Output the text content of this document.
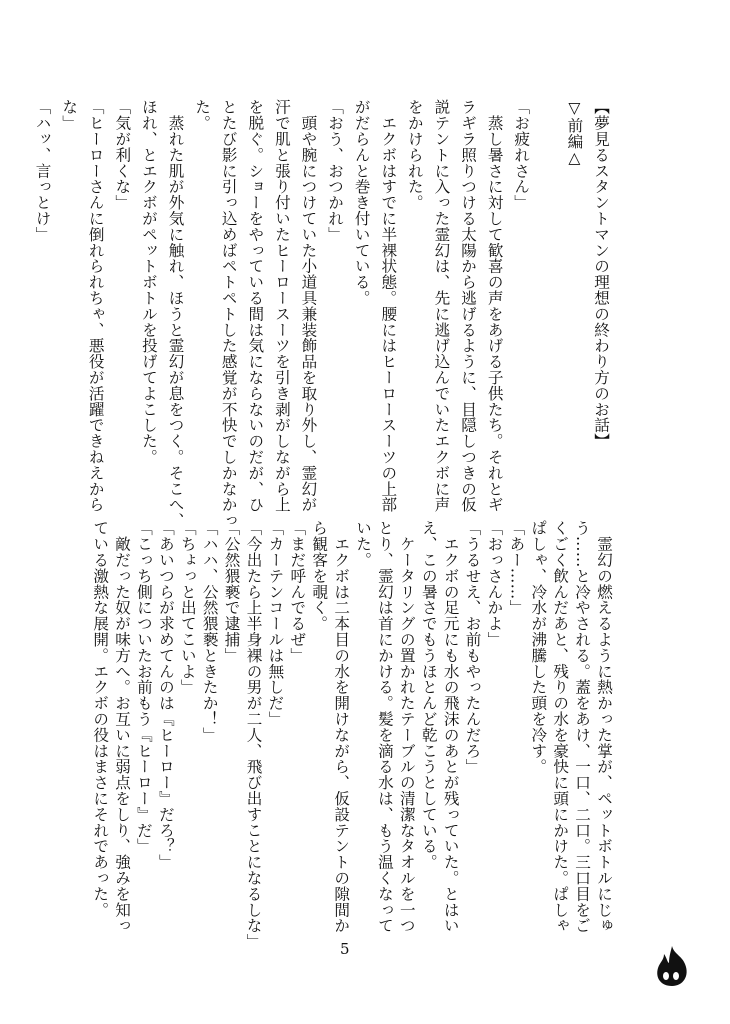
【夢見るスタントマンの理想の終わり方のお話】
▽前編△
「お疲れさん」
　蒸し暑さに対して歓喜の声をあげる子供たち。それとギ
ラギラ照りつける太陽から逃げるように、目隠しつきの仮
説テントに入った霊幻は、先に逃げ込んでいたエクボに声
をかけられた。
　エクボはすでに半裸状態。腰にはヒーロースーツの上部
がだらんと巻き付いている。
「おう、おつかれ」
　頭や腕につけていた小道具兼装飾品を取り外し、霊幻が
汗で肌と張り付いたヒーロースーツを引き剥がしながら上
を脱ぐ。ショーをやっている間は気にならないのだが、ひ
とたび影に引っ込めばペトペトした感覚が不快でしかなかっ
た。
　蒸れた肌が外気に触れ、ほうと霊幻が息をつく。そこへ、
ほれ、とエクボがペットボトルを投げてよこした。
「気が利くな」
「ヒーローさんに倒れられちゃ、悪役が活躍できねえから
な」
「ハッ、言っとけ」
　霊幻の燃えるように熱かった掌が、ペットボトルにじゅ
う……と冷やされる。蓋をあけ、一口、二口。三口目をご
くごく飲んだあと、残りの水を豪快に頭にかけた。ぱしゃ
ぱしゃ、冷水が沸騰した頭を冷す。
「あー……」
「おっさんかよ」
「うるせえ、お前もやったんだろ」
　エクボの足元にも水の飛沫のあとが残っていた。とはい
え、この暑さでもうほとんど乾こうとしている。
　ケータリングの置かれたテーブルの清潔なタオルを一つ
とり、霊幻は首にかける。髪を滴る水は、もう温くなって
いた。
　エクボは二本目の水を開けながら、仮設テントの隙間か
ら観客を覗く。
「まだ呼んでるぜ」
「カーテンコールは無しだ」
「今出たら上半身裸の男が二人、飛び出すことになるしな」
「公然猥褻で逮捕」
「ハハ、公然猥褻ときたか！」
「ちょっと出てこいよ」
「あいつらが求めてんのは『ヒーロー』だろ？」
「こっち側についたお前もう『ヒーロー』だ」
　敵だった奴が味方へ。お互いに弱点をしり、強みを知っ
ている激熱な展開。エクボの役はまさにそれであった。
5
